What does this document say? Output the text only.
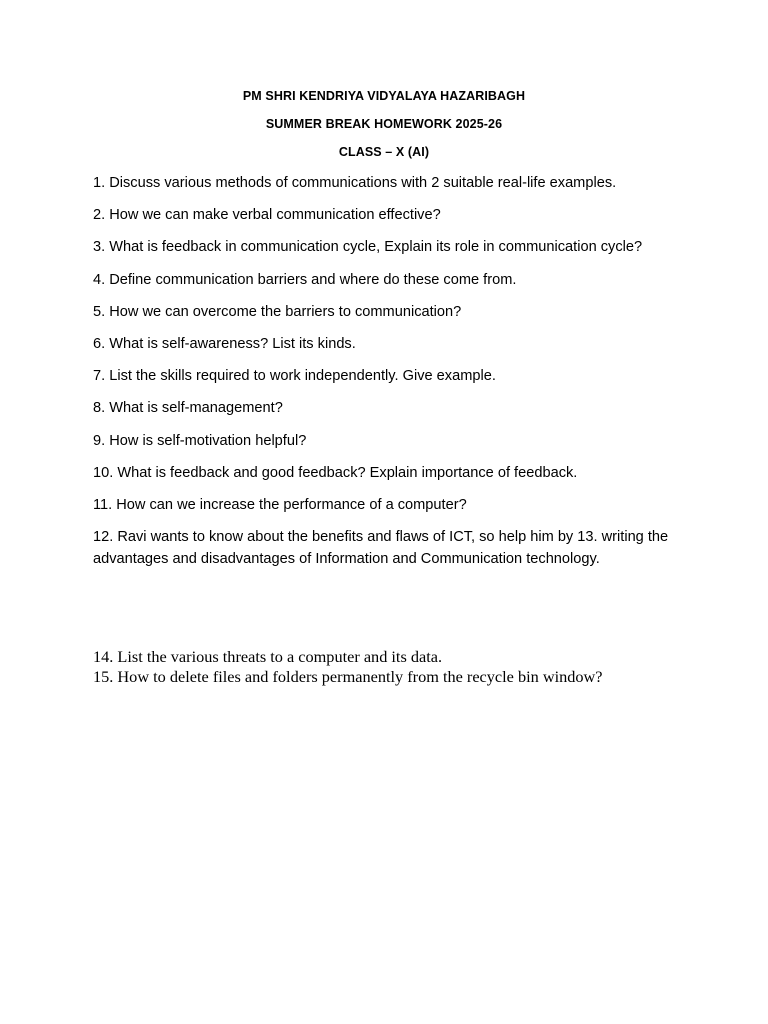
PM SHRI KENDRIYA VIDYALAYA HAZARIBAGH
SUMMER BREAK HOMEWORK 2025-26
CLASS – X (AI)

1. Discuss various methods of communications with 2 suitable real-life examples.

2. How we can make verbal communication effective?

3. What is feedback in communication cycle, Explain its role in communication cycle?

4. Define communication barriers and where do these come from.

5. How we can overcome the barriers to communication?

6. What is self-awareness? List its kinds.

7. List the skills required to work independently. Give example.

8. What is self-management?

9. How is self-motivation helpful?

10. What is feedback and good feedback? Explain importance of feedback.

11. How can we increase the performance of a computer?

12. Ravi wants to know about the benefits and flaws of ICT, so help him by 13. writing the advantages and disadvantages of Information and Communication technology.

14. List the various threats to a computer and its data.

15. How to delete files and folders permanently from the recycle bin window?
